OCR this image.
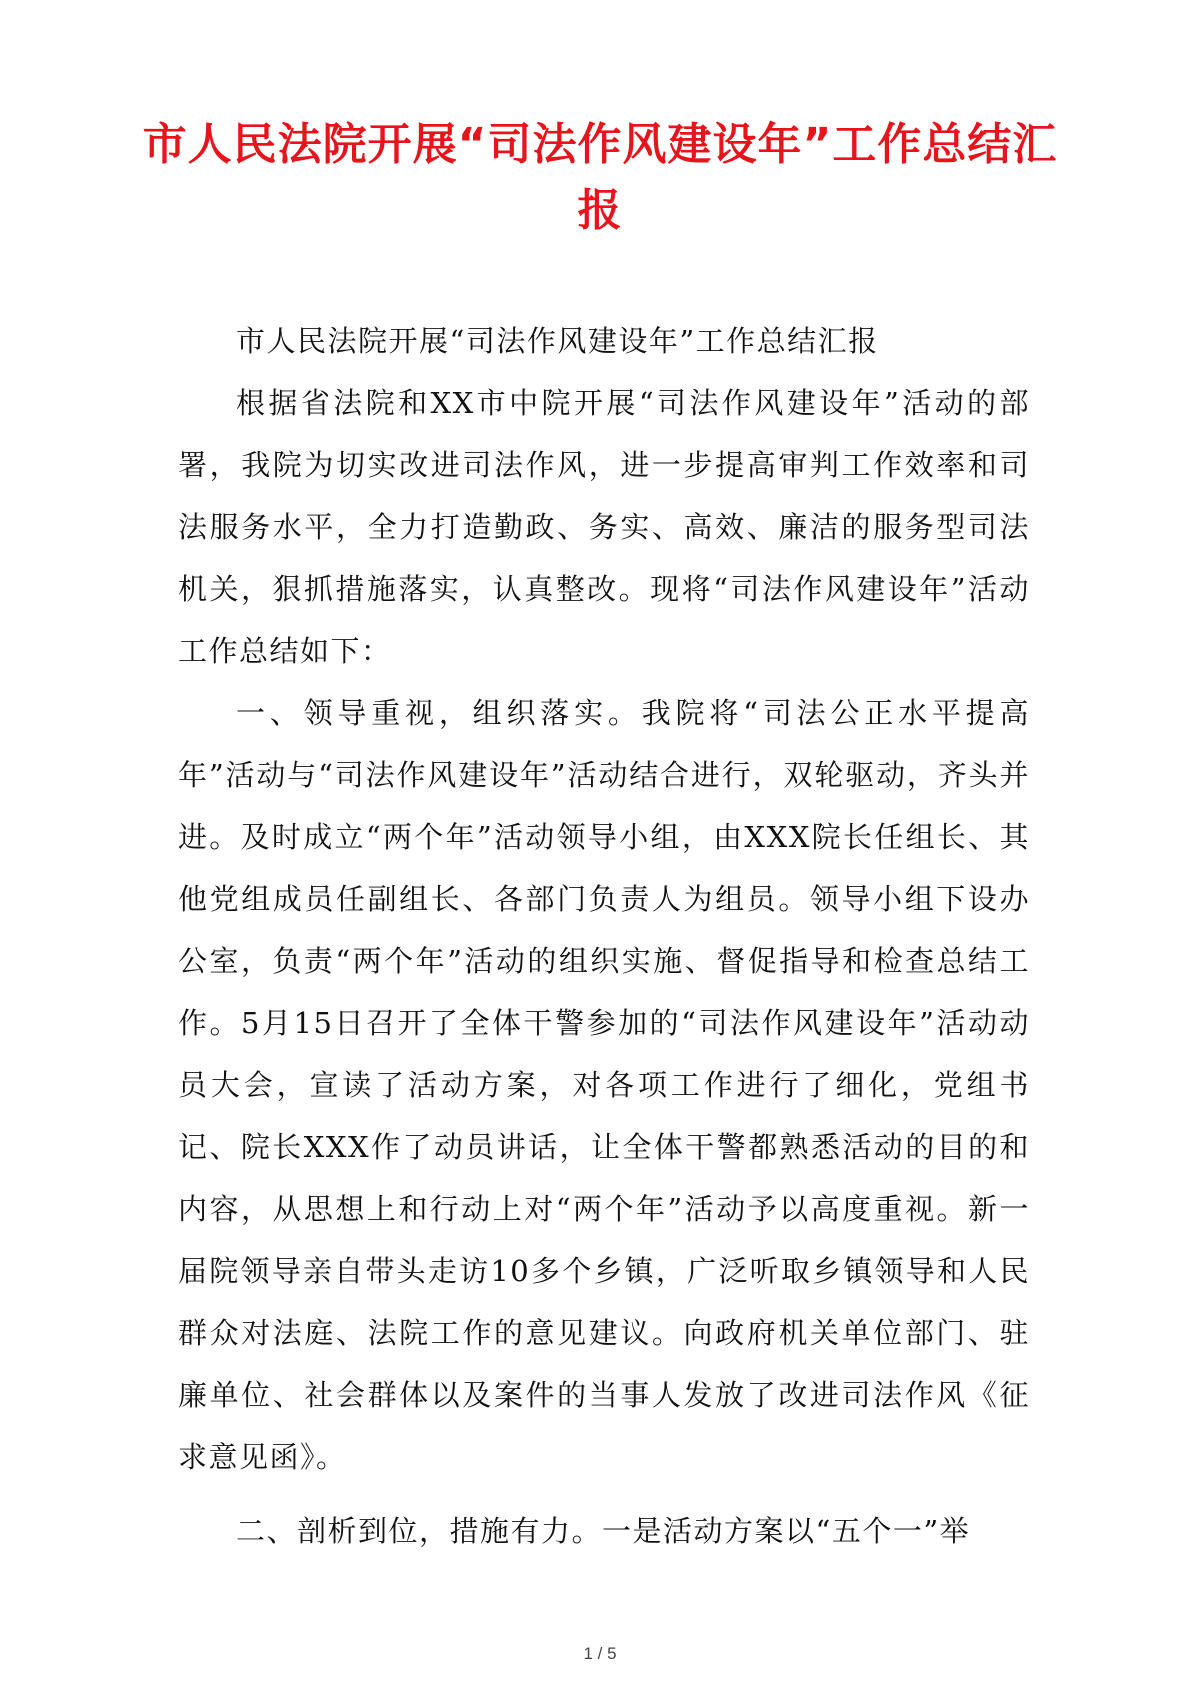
市人民法院开展“司法作风建设年”工作总结汇报

市人民法院开展“司法作风建设年”工作总结汇报

根据省法院和XX市中院开展“司法作风建设年”活动的部署，我院为切实改进司法作风，进一步提高审判工作效率和司法服务水平，全力打造勤政、务实、高效、廉洁的服务型司法机关，狠抓措施落实，认真整改。现将“司法作风建设年”活动工作总结如下：

一、领导重视，组织落实。我院将“司法公正水平提高年”活动与“司法作风建设年”活动结合进行，双轮驱动，齐头并进。及时成立“两个年”活动领导小组，由XXX院长任组长、其他党组成员任副组长、各部门负责人为组员。领导小组下设办公室，负责“两个年”活动的组织实施、督促指导和检查总结工作。5月15日召开了全体干警参加的“司法作风建设年”活动动员大会，宣读了活动方案，对各项工作进行了细化，党组书记、院长XXX作了动员讲话，让全体干警都熟悉活动的目的和内容，从思想上和行动上对“两个年”活动予以高度重视。新一届院领导亲自带头走访10多个乡镇，广泛听取乡镇领导和人民群众对法庭、法院工作的意见建议。向政府机关单位部门、驻廉单位、社会群体以及案件的当事人发放了改进司法作风《征求意见函》。

二、剖析到位，措施有力。一是活动方案以“五个一”举

1 / 5
